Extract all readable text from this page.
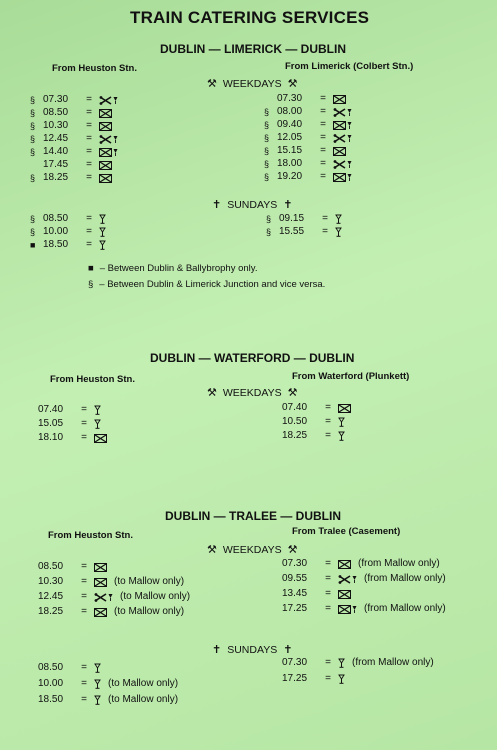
TRAIN CATERING SERVICES
DUBLIN — LIMERICK — DUBLIN
From Heuston Stn.	From Limerick (Colbert Stn.)
⚒ WEEKDAYS ⚒
§ 07.30	=
§ 08.50	=
§ 10.30	=
§ 12.45	=
§ 14.40	=
17.45	=
§ 18.25	=
07.30	=
§ 08.00	=
§ 09.40	=
§ 12.05	=
§ 15.15	=
§ 18.00	=
§ 19.20	=
✝ SUNDAYS ✝
§ 08.50	=
§ 10.00	=
■ 18.50	=
§ 09.15	=
§ 15.55	=
■ – Between Dublin & Ballybrophy only.
§ – Between Dublin & Limerick Junction and vice versa.
DUBLIN — WATERFORD — DUBLIN
From Heuston Stn.	From Waterford (Plunkett)
⚒ WEEKDAYS ⚒
07.40	=
15.05	=
18.10	=
07.40	=
10.50	=
18.25	=
DUBLIN — TRALEE — DUBLIN
From Heuston Stn.	From Tralee (Casement)
⚒ WEEKDAYS ⚒
08.50	=
10.30	=	(to Mallow only)
12.45	=	(to Mallow only)
18.25	=	(to Mallow only)
07.30	=	(from Mallow only)
09.55	=	(from Mallow only)
13.45	=
17.25	=	(from Mallow only)
✝ SUNDAYS ✝
08.50	=
10.00	=	(to Mallow only)
18.50	=	(to Mallow only)
07.30	=	(from Mallow only)
17.25	=
